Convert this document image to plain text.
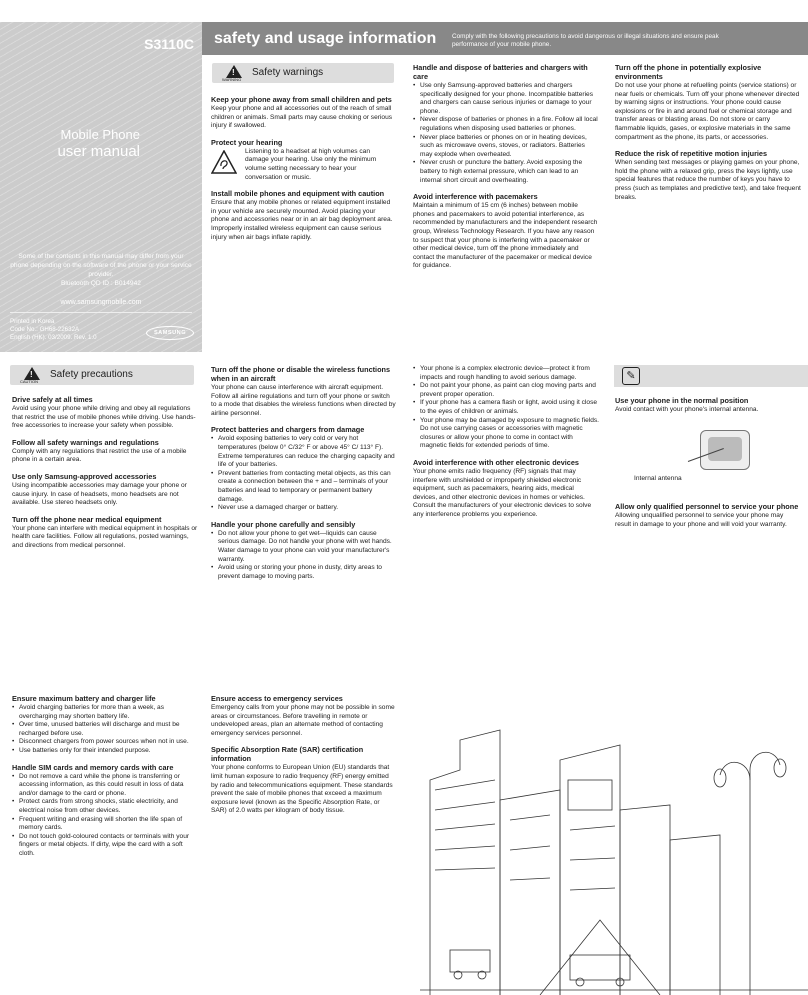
S3110C
Mobile Phone
user manual
Some of the contents in this manual may differ from your phone depending on the software of the phone or your service provider.
Bluetooth QD ID : B014942
www.samsungmobile.com
Printed in Korea
Code No.: GH68-22632A
English (HK). 03/2009. Rev. 1.0
SAMSUNG
safety and usage information Comply with the following precautions to avoid dangerous or illegal situations and ensure peak performance of your mobile phone.
!
WARNING
Safety warnings
Keep your phone away from small children and pets
Keep your phone and all accessories out of the reach of small children or animals. Small parts may cause choking or serious injury if swallowed.
Protect your hearing
Listening to a headset at high volumes can damage your hearing. Use only the minimum volume setting necessary to hear your conversation or music.
Install mobile phones and equipment with caution
Ensure that any mobile phones or related equipment installed in your vehicle are securely mounted. Avoid placing your phone and accessories near or in an air bag deployment area. Improperly installed wireless equipment can cause serious injury when air bags inflate rapidly.
Handle and dispose of batteries and chargers with care
• Use only Samsung-approved batteries and chargers specifically designed for your phone. Incompatible batteries and chargers can cause serious injuries or damage to your phone.
• Never dispose of batteries or phones in a fire. Follow all local regulations when disposing used batteries or phones.
• Never place batteries or phones on or in heating devices, such as microwave ovens, stoves, or radiators. Batteries may explode when overheated.
• Never crush or puncture the battery. Avoid exposing the battery to high external pressure, which can lead to an internal short circuit and overheating.
Avoid interference with pacemakers
Maintain a minimum of 15 cm (6 inches) between mobile phones and pacemakers to avoid potential interference, as recommended by manufacturers and the independent research group, Wireless Technology Research. If you have any reason to suspect that your phone is interfering with a pacemaker or other medical device, turn off the phone immediately and contact the manufacturer of the pacemaker or medical device for guidance.
Turn off the phone in potentially explosive environments
Do not use your phone at refuelling points (service stations) or near fuels or chemicals. Turn off your phone whenever directed by warning signs or instructions. Your phone could cause explosions or fire in and around fuel or chemical storage and transfer areas or blasting areas. Do not store or carry flammable liquids, gases, or explosive materials in the same compartment as the phone, its parts, or accessories.
Reduce the risk of repetitive motion injuries
When sending text messages or playing games on your phone, hold the phone with a relaxed grip, press the keys lightly, use special features that reduce the number of keys you have to press (such as templates and predictive text), and take frequent breaks.
!
CAUTION
Safety precautions
Drive safely at all times
Avoid using your phone while driving and obey all regulations that restrict the use of mobile phones while driving. Use hands-free accessories to increase your safety when possible.
Follow all safety warnings and regulations
Comply with any regulations that restrict the use of a mobile phone in a certain area.
Use only Samsung-approved accessories
Using incompatible accessories may damage your phone or cause injury. In case of headsets, mono headsets are not available. Use stereo headsets only.
Turn off the phone near medical equipment
Your phone can interfere with medical equipment in hospitals or health care facilities. Follow all regulations, posted warnings, and directions from medical personnel.
Turn off the phone or disable the wireless functions when in an aircraft
Your phone can cause interference with aircraft equipment. Follow all airline regulations and turn off your phone or switch to a mode that disables the wireless functions when directed by airline personnel.
Protect batteries and chargers from damage
• Avoid exposing batteries to very cold or very hot temperatures (below 0° C/32° F or above 45° C/ 113° F). Extreme temperatures can reduce the charging capacity and life of your batteries.
• Prevent batteries from contacting metal objects, as this can create a connection between the + and – terminals of your batteries and lead to temporary or permanent battery damage.
• Never use a damaged charger or battery.
Handle your phone carefully and sensibly
• Do not allow your phone to get wet—liquids can cause serious damage. Do not handle your phone with wet hands. Water damage to your phone can void your manufacturer's warranty.
• Avoid using or storing your phone in dusty, dirty areas to prevent damage to moving parts.
• Your phone is a complex electronic device—protect it from impacts and rough handling to avoid serious damage.
• Do not paint your phone, as paint can clog moving parts and prevent proper operation.
• If your phone has a camera flash or light, avoid using it close to the eyes of children or animals.
• Your phone may be damaged by exposure to magnetic fields. Do not use carrying cases or accessories with magnetic closures or allow your phone to come in contact with magnetic fields for extended periods of time.
Avoid interference with other electronic devices
Your phone emits radio frequency (RF) signals that may interfere with unshielded or improperly shielded electronic equipment, such as pacemakers, hearing aids, medical devices, and other electronic devices in homes or vehicles. Consult the manufacturers of your electronic devices to solve any interference problems you experience.
✎
Use your phone in the normal position
Avoid contact with your phone's internal antenna.
Internal antenna
Allow only qualified personnel to service your phone
Allowing unqualified personnel to service your phone may result in damage to your phone and will void your warranty.
Ensure maximum battery and charger life
• Avoid charging batteries for more than a week, as overcharging may shorten battery life.
• Over time, unused batteries will discharge and must be recharged before use.
• Disconnect chargers from power sources when not in use.
• Use batteries only for their intended purpose.
Handle SIM cards and memory cards with care
• Do not remove a card while the phone is transferring or accessing information, as this could result in loss of data and/or damage to the card or phone.
• Protect cards from strong shocks, static electricity, and electrical noise from other devices.
• Frequent writing and erasing will shorten the life span of memory cards.
• Do not touch gold-coloured contacts or terminals with your fingers or metal objects. If dirty, wipe the card with a soft cloth.
Ensure access to emergency services
Emergency calls from your phone may not be possible in some areas or circumstances. Before travelling in remote or undeveloped areas, plan an alternate method of contacting emergency services personnel.
Specific Absorption Rate (SAR) certification information
Your phone conforms to European Union (EU) standards that limit human exposure to radio frequency (RF) energy emitted by radio and telecommunications equipment. These standards prevent the sale of mobile phones that exceed a maximum exposure level (known as the Specific Absorption Rate, or SAR) of 2.0 watts per kilogram of body tissue.
